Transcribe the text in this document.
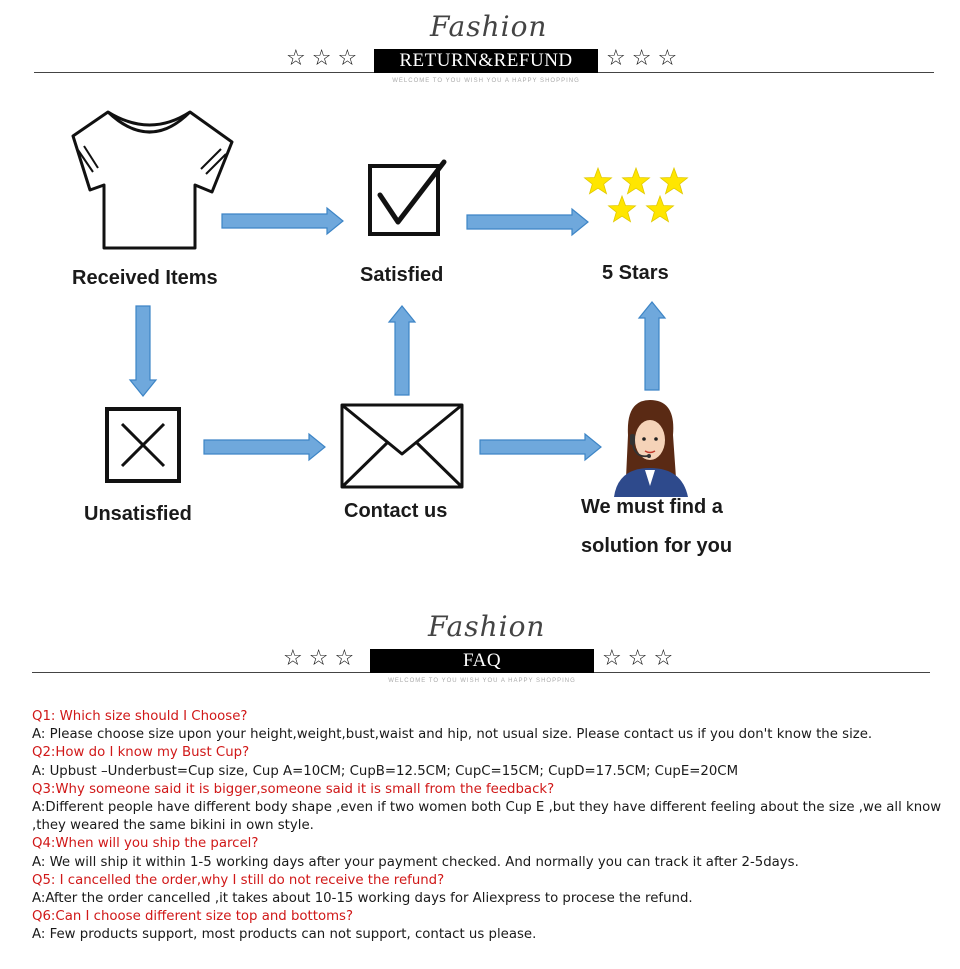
Fashion
☆ ☆ ☆	RETURN&REFUND	☆ ☆ ☆
WELCOME TO YOU WISH YOU A HAPPY SHOPPING
Received Items	Satisfied	5 Stars
Unsatisfied	Contact us	We must find a
solution for you
Fashion
☆ ☆ ☆	FAQ	☆ ☆ ☆
WELCOME TO YOU WISH YOU A HAPPY SHOPPING
Q1: Which size should I Choose?
A: Please choose size upon your height,weight,bust,waist and hip, not usual size. Please contact us if you don't know the size.
Q2:How do I know my Bust Cup?
A: Upbust –Underbust=Cup size, Cup A=10CM; CupB=12.5CM; CupC=15CM; CupD=17.5CM; CupE=20CM
Q3:Why someone said it is bigger,someone said it is small from the feedback?
A:Different people have different body shape ,even if two women both Cup E ,but they have different feeling about the size ,we all know ,they weared the same bikini in own style.
Q4:When will you ship the parcel?
A: We will ship it within 1-5 working days after your payment checked. And normally you can track it after 2-5days.
Q5: I cancelled the order,why I still do not receive the refund?
A:After the order cancelled ,it takes about 10-15 working days for Aliexpress to procese the refund.
Q6:Can I choose different size top and bottoms?
A: Few products support, most products can not support, contact us please.
